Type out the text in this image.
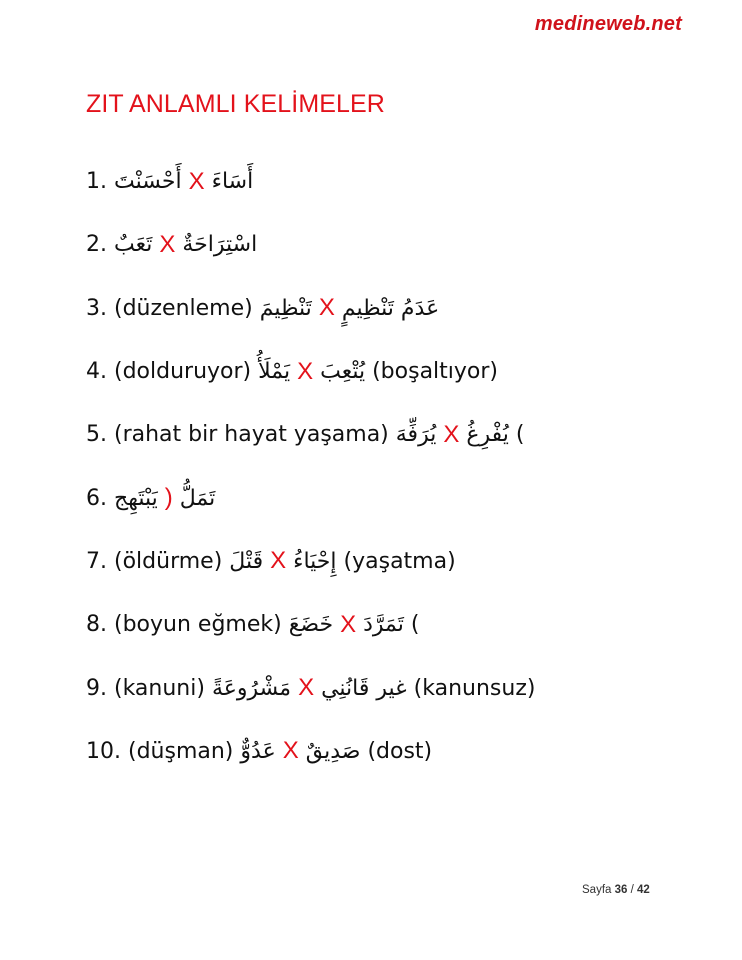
medineweb.net
ZIT ANLAMLI KELİMELER
أَسَاءَ
X
أَحْسَنْتَ
1.
اسْتِرَاحَةٌ
X
تَعَبٌ
2.
عَدَمُ تَنْظِيمٍ
X
تَنْظِيمَ
(düzenleme)
3.
(boşaltıyor)
يُتْعِبَ
X
يَمْلَأُ
(dolduruyor)
4.
(
يُفْرِغُ
X
يُرَفِّهَ
(rahat bir hayat yaşama)
5.
تَمَلُّ
)
يَبْتَهِج
6.
(yaşatma)
إِحْيَاءُ
X
قَتْلَ
(öldürme)
7.
(
تَمَرَّدَ
X
خَضَعَ
(boyun eğmek)
8.
(kanunsuz)
غير قَانُنِي
X
مَشْرُوعَةً
(kanuni)
9.
(dost)
صَدِيقٌ
X
عَدُوٌّ
(düşman)
10.
Sayfa 36 / 42
